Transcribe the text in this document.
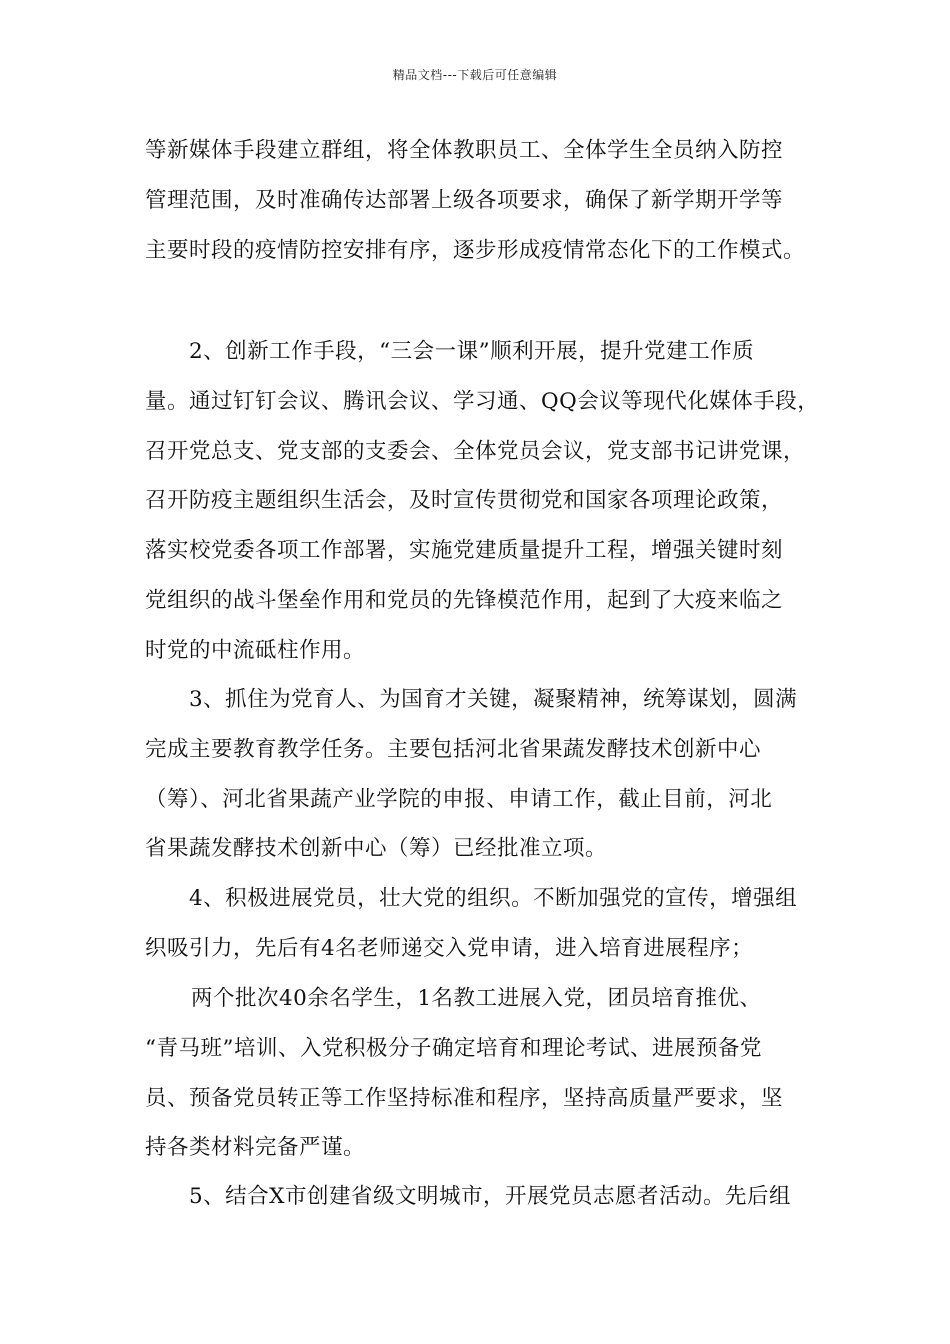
精品文档---下载后可任意编辑
等新媒体手段建立群组，将全体教职员工、全体学生全员纳入防控
管理范围，及时准确传达部署上级各项要求，确保了新学期开学等
主要时段的疫情防控安排有序，逐步形成疫情常态化下的工作模式。
2、创新工作手段，“三会一课”顺利开展，提升党建工作质
量。通过钉钉会议、腾讯会议、学习通、QQ会议等现代化媒体手段，
召开党总支、党支部的支委会、全体党员会议，党支部书记讲党课，
召开防疫主题组织生活会，及时宣传贯彻党和国家各项理论政策，
落实校党委各项工作部署，实施党建质量提升工程，增强关键时刻
党组织的战斗堡垒作用和党员的先锋模范作用，起到了大疫来临之
时党的中流砥柱作用。
3、抓住为党育人、为国育才关键，凝聚精神，统筹谋划，圆满
完成主要教育教学任务。主要包括河北省果蔬发酵技术创新中心
（筹）、河北省果蔬产业学院的申报、申请工作，截止目前，河北
省果蔬发酵技术创新中心（筹）已经批准立项。
4、积极进展党员，壮大党的组织。不断加强党的宣传，增强组
织吸引力，先后有4名老师递交入党申请，进入培育进展程序；
两个批次40余名学生，1名教工进展入党，团员培育推优、
“青马班”培训、入党积极分子确定培育和理论考试、进展预备党
员、预备党员转正等工作坚持标准和程序，坚持高质量严要求，坚
持各类材料完备严谨。
5、结合X市创建省级文明城市，开展党员志愿者活动。先后组
